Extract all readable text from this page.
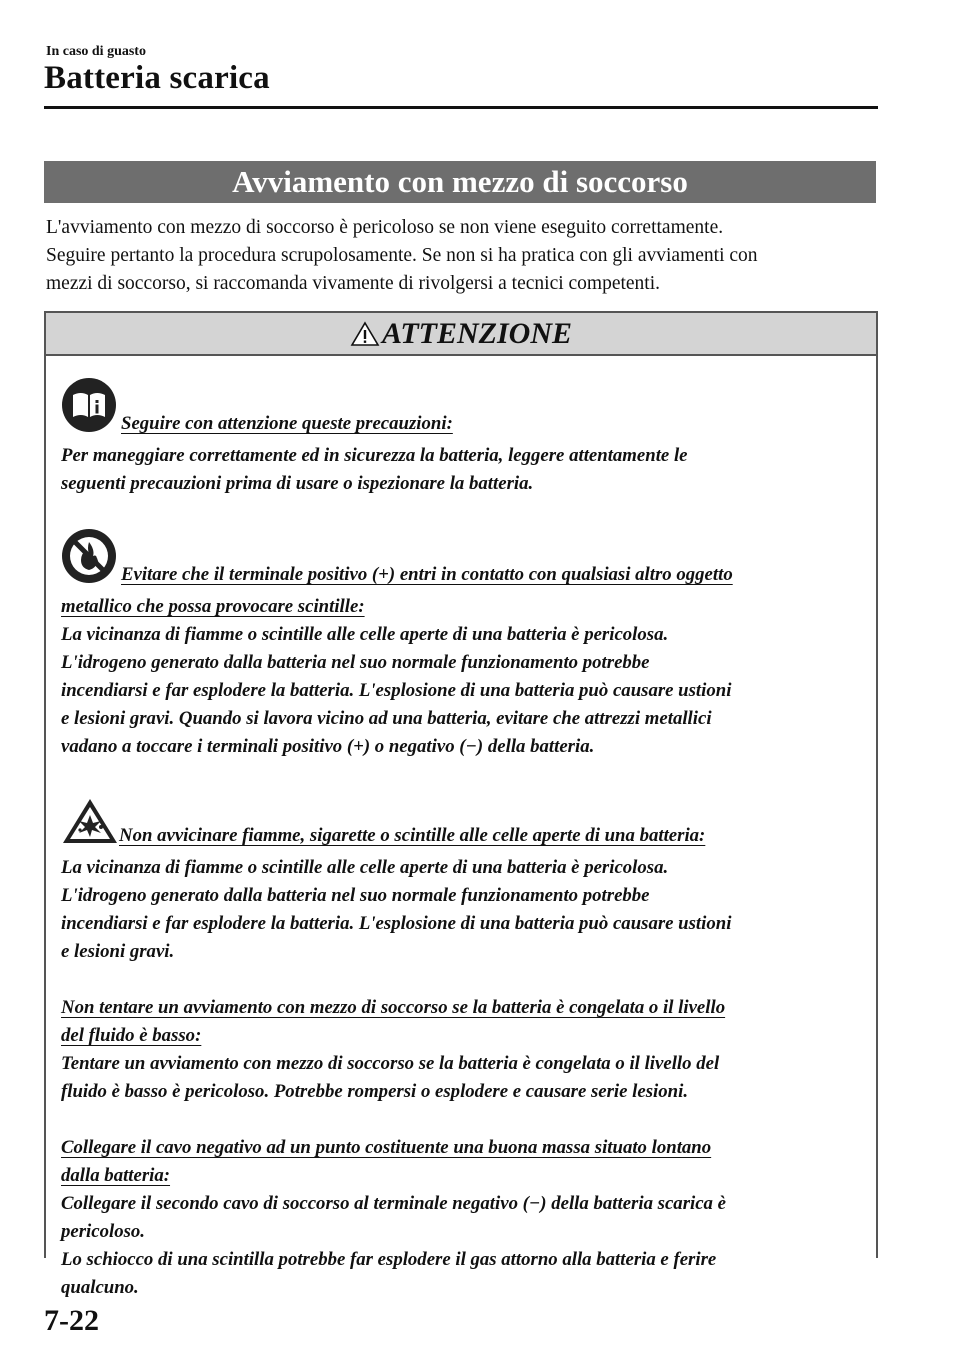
In caso di guasto
Batteria scarica
Avviamento con mezzo di soccorso

L'avviamento con mezzo di soccorso è pericoloso se non viene eseguito correttamente.

Seguire pertanto la procedura scrupolosamente. Se non si ha pratica con gli avviamenti con

mezzi di soccorso, si raccomanda vivamente di rivolgersi a tecnici competenti.

ATTENZIONE
Seguire con attenzione queste precauzioni:
Per maneggiare correttamente ed in sicurezza la batteria, leggere attentamente le
seguenti precauzioni prima di usare o ispezionare la batteria.
Evitare che il terminale positivo (+) entri in contatto con qualsiasi altro oggetto
metallico che possa provocare scintille:
La vicinanza di fiamme o scintille alle celle aperte di una batteria è pericolosa.
L'idrogeno generato dalla batteria nel suo normale funzionamento potrebbe
incendiarsi e far esplodere la batteria. L'esplosione di una batteria può causare ustioni
e lesioni gravi. Quando si lavora vicino ad una batteria, evitare che attrezzi metallici
vadano a toccare i terminali positivo (+) o negativo (−) della batteria.
Non avvicinare fiamme, sigarette o scintille alle celle aperte di una batteria:
La vicinanza di fiamme o scintille alle celle aperte di una batteria è pericolosa.
L'idrogeno generato dalla batteria nel suo normale funzionamento potrebbe
incendiarsi e far esplodere la batteria. L'esplosione di una batteria può causare ustioni
e lesioni gravi.
Non tentare un avviamento con mezzo di soccorso se la batteria è congelata o il livello
del fluido è basso:
Tentare un avviamento con mezzo di soccorso se la batteria è congelata o il livello del
fluido è basso è pericoloso. Potrebbe rompersi o esplodere e causare serie lesioni.
Collegare il cavo negativo ad un punto costituente una buona massa situato lontano
dalla batteria:
Collegare il secondo cavo di soccorso al terminale negativo (−) della batteria scarica è
pericoloso.
Lo schiocco di una scintilla potrebbe far esplodere il gas attorno alla batteria e ferire
qualcuno.
7-22
